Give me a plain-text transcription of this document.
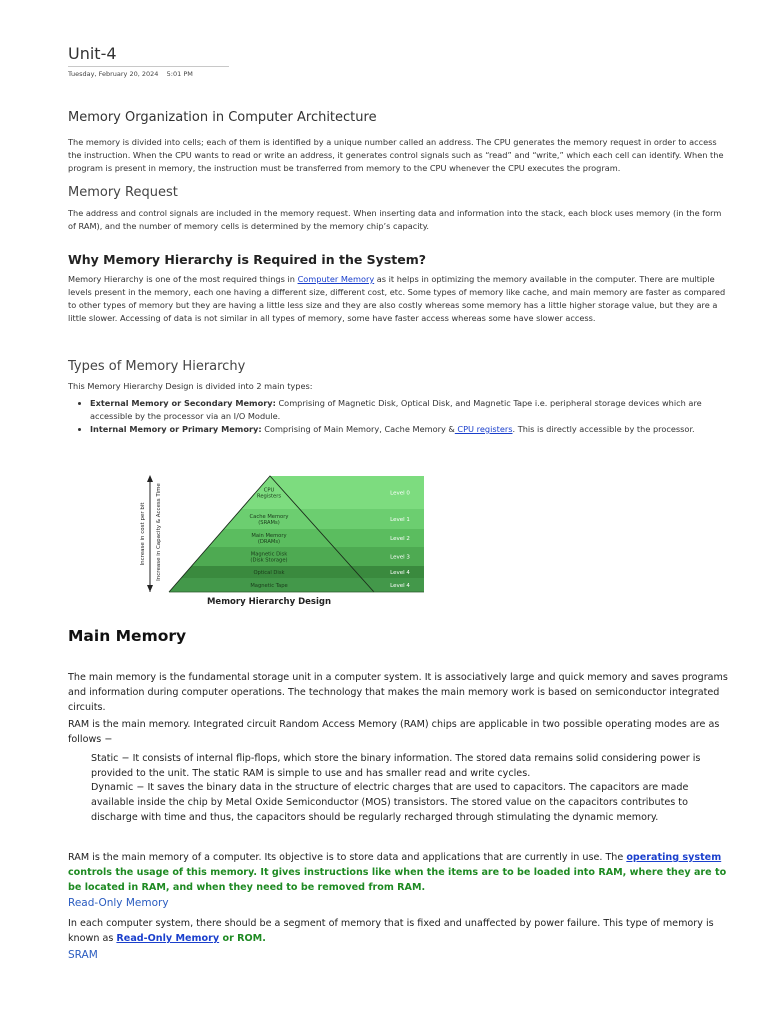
Unit-4
Tuesday, February 20, 2024 5:01 PM
Memory Organization in Computer Architecture
The memory is divided into cells; each of them is identified by a unique number called an address. The CPU generates the memory request in order to access the instruction. When the CPU wants to read or write an address, it generates control signals such as “read” and “write,” which each cell can identify. When the program is present in memory, the instruction must be transferred from memory to the CPU whenever the CPU executes the program.
Memory Request
The address and control signals are included in the memory request. When inserting data and information into the stack, each block uses memory (in the form of RAM), and the number of memory cells is determined by the memory chip’s capacity.
Why Memory Hierarchy is Required in the System?
Memory Hierarchy is one of the most required things in Computer Memory as it helps in optimizing the memory available in the computer. There are multiple levels present in the memory, each one having a different size, different cost, etc. Some types of memory like cache, and main memory are faster as compared to other types of memory but they are having a little less size and they are also costly whereas some memory has a little higher storage value, but they are a little slower. Accessing of data is not similar in all types of memory, some have faster access whereas some have slower access.
Types of Memory Hierarchy
This Memory Hierarchy Design is divided into 2 main types:
• External Memory or Secondary Memory: Comprising of Magnetic Disk, Optical Disk, and Magnetic Tape i.e. peripheral storage devices which are accessible by the processor via an I/O Module.
• Internal Memory or Primary Memory: Comprising of Main Memory, Cache Memory & CPU registers. This is directly accessible by the processor.
Increase in cost per bit Increase in Capacity & Access Time	CPU
Registers	Level 0
Cache Memory
(SRAMs)	Level 1
Main Memory
(DRAMs)	Level 2
Magnetic Disk
(Disk Storage)	Level 3
Optical Disk	Level 4
Magnetic Tape	Level 4
Memory Hierarchy Design
Main Memory
The main memory is the fundamental storage unit in a computer system. It is associatively large and quick memory and saves programs and information during computer operations. The technology that makes the main memory work is based on semiconductor integrated circuits.
RAM is the main memory. Integrated circuit Random Access Memory (RAM) chips are applicable in two possible operating modes are as follows −
Static − It consists of internal flip-flops, which store the binary information. The stored data remains solid considering power is provided to the unit. The static RAM is simple to use and has smaller read and write cycles.
Dynamic − It saves the binary data in the structure of electric charges that are used to capacitors. The capacitors are made available inside the chip by Metal Oxide Semiconductor (MOS) transistors. The stored value on the capacitors contributes to discharge with time and thus, the capacitors should be regularly recharged through stimulating the dynamic memory.
RAM is the main memory of a computer. Its objective is to store data and applications that are currently in use. The operating system controls the usage of this memory. It gives instructions like when the items are to be loaded into RAM, where they are to be located in RAM, and when they need to be removed from RAM.
Read-Only Memory
In each computer system, there should be a segment of memory that is fixed and unaffected by power failure. This type of memory is known as Read-Only Memory or ROM.
SRAM
